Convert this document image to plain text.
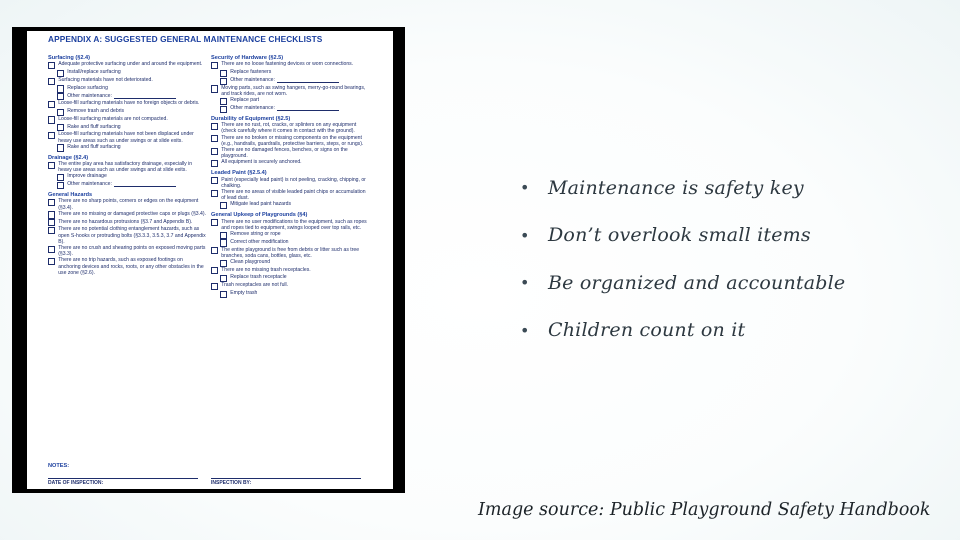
APPENDIX A: SUGGESTED GENERAL MAINTENANCE CHECKLISTS
Surfacing (§2.4)
Adequate protective surfacing under and around the equipment.
Install/replace surfacing
Surfacing materials have not deteriorated.
Replace surfacing
Other maintenance:
Loose-fill surfacing materials have no foreign objects or debris.
Remove trash and debris
Loose-fill surfacing materials are not compacted.
Rake and fluff surfacing
Loose-fill surfacing materials have not been displaced under heavy use areas such as under swings or at slide exits.
Rake and fluff surfacing
Drainage (§2.4)
The entire play area has satisfactory drainage, especially in heavy use areas such as under swings and at slide exits.
Improve drainage
Other maintenance:
General Hazards
There are no sharp points, corners or edges on the equipment (§3.4).
There are no missing or damaged protective caps or plugs (§3.4).
There are no hazardous protrusions (§3.7 and Appendix B).
There are no potential clothing entanglement hazards, such as open S-hooks or protruding bolts (§3.3.3, 3.5.3, 3.7 and Appendix B).
There are no crush and shearing points on exposed moving parts (§3.3).
There are no trip hazards, such as exposed footings on anchoring devices and rocks, roots, or any other obstacles in the use zone (§2.6).
Security of Hardware (§2.5)
There are no loose fastening devices or worn connections.
Replace fasteners
Other maintenance:
Moving parts, such as swing hangers, merry-go-round bearings, and track rides, are not worn.
Replace part
Other maintenance:
Durability of Equipment (§2.5)
There are no rust, rot, cracks, or splinters on any equipment (check carefully where it comes in contact with the ground).
There are no broken or missing components on the equipment (e.g., handrails, guardrails, protective barriers, steps, or rungs).
There are no damaged fences, benches, or signs on the playground.
All equipment is securely anchored.
Leaded Paint (§2.5.4)
Paint (especially lead paint) is not peeling, cracking, chipping, or chalking.
There are no areas of visible leaded paint chips or accumulation of lead dust.
Mitigate lead paint hazards
General Upkeep of Playgrounds (§4)
There are no user modifications to the equipment, such as ropes and ropes tied to equipment, swings looped over top rails, etc.
Remove string or rope
Correct other modification
The entire playground is free from debris or litter such as tree branches, soda cans, bottles, glass, etc.
Clean playground
There are no missing trash receptacles.
Replace trash receptacle
Trash receptacles are not full.
Empty trash
NOTES:
DATE OF INSPECTION:	INSPECTION BY:
• Maintenance is safety key
• Don’t overlook small items
• Be organized and accountable
• Children count on it
Image source: Public Playground Safety Handbook
